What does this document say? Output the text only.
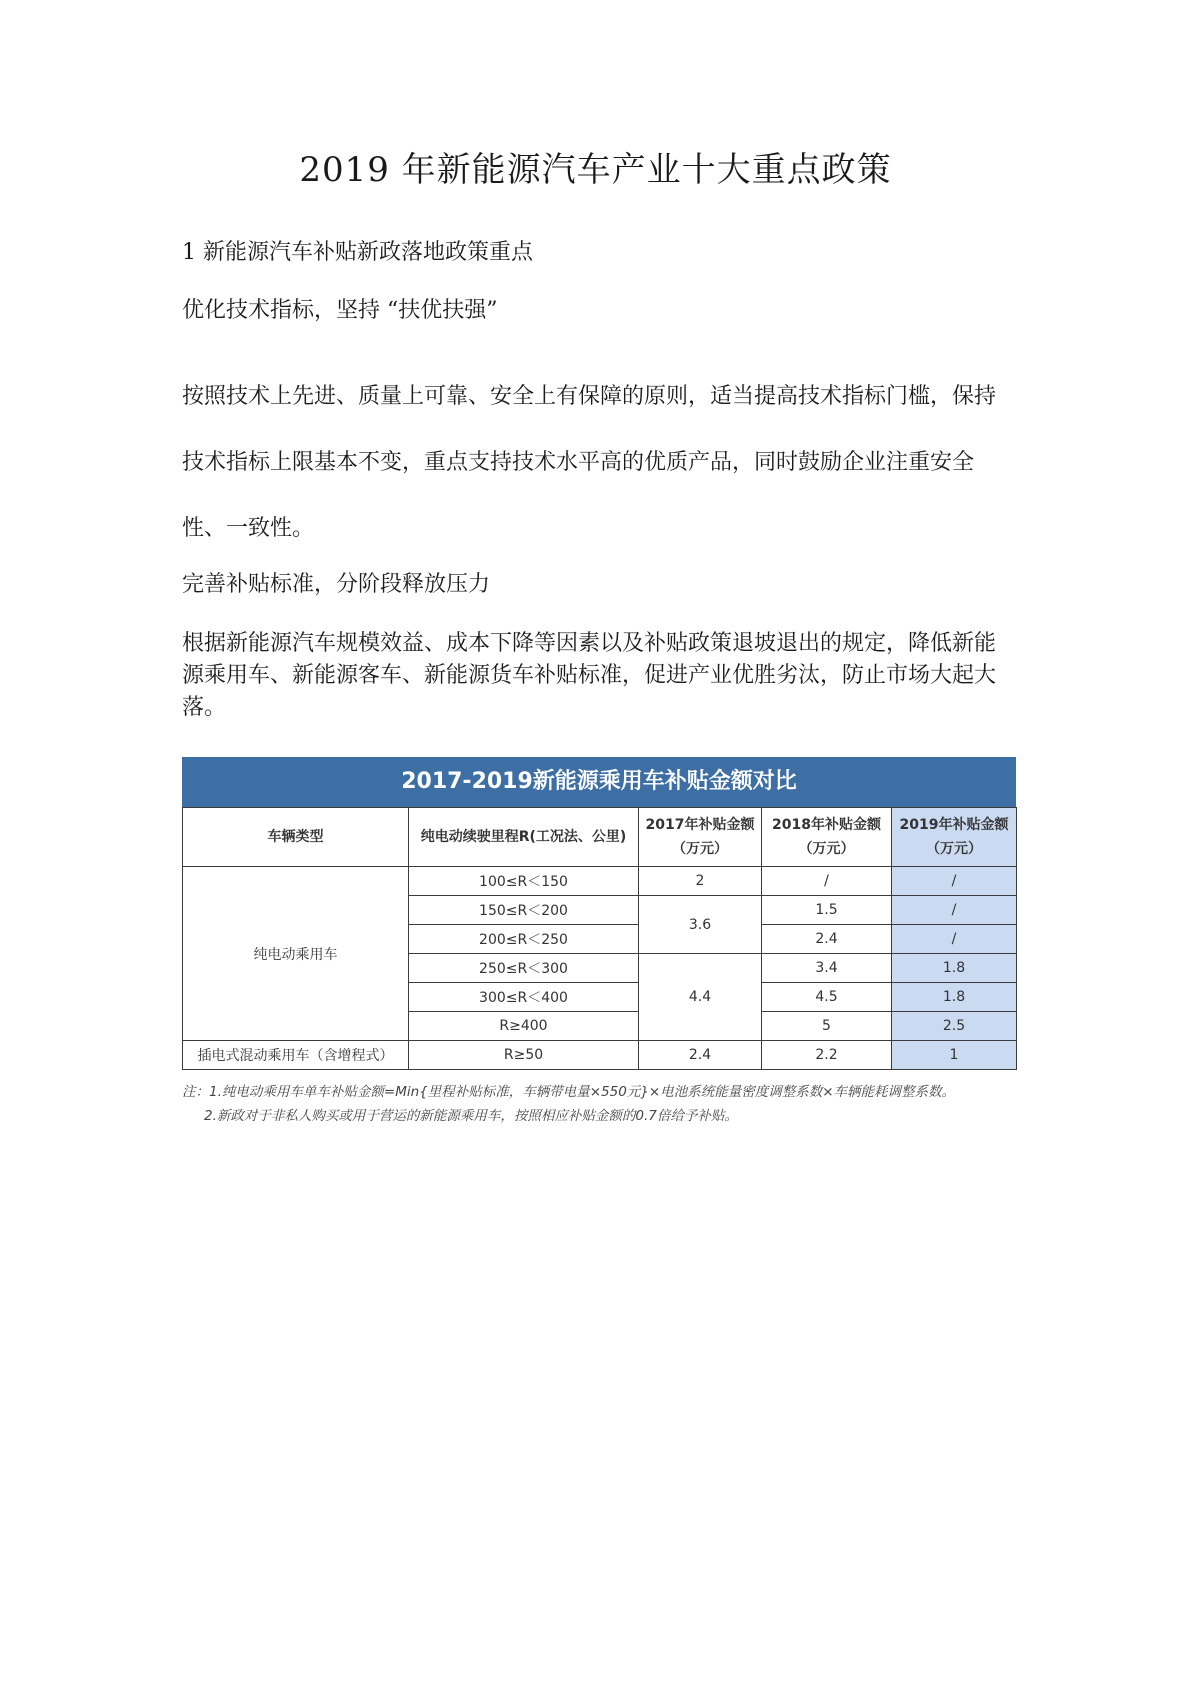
2019 年新能源汽车产业十大重点政策

1 新能源汽车补贴新政落地政策重点

优化技术指标，坚持 “扶优扶强”

按照技术上先进、质量上可靠、安全上有保障的原则，适当提高技术指标门槛，保持技术指标上限基本不变，重点支持技术水平高的优质产品，同时鼓励企业注重安全性、一致性。

完善补贴标准，分阶段释放压力

根据新能源汽车规模效益、成本下降等因素以及补贴政策退坡退出的规定，降低新能源乘用车、新能源客车、新能源货车补贴标准，促进产业优胜劣汰，防止市场大起大落。

2017-2019新能源乘用车补贴金额对比
车辆类型	纯电动续驶里程R(工况法、公里)	2017年补贴金额（万元）	2018年补贴金额（万元）	2019年补贴金额（万元）
纯电动乘用车	100≤R＜150	2	/	/
	150≤R＜200	3.6	1.5	/
	200≤R＜250		2.4	/
	250≤R＜300	4.4	3.4	1.8
	300≤R＜400		4.5	1.8
	R≥400		5	2.5
插电式混动乘用车（含增程式）	R≥50	2.4	2.2	1
注：1.纯电动乘用车单车补贴金额=Min{里程补贴标准，车辆带电量×550元}×电池系统能量密度调整系数×车辆能耗调整系数。
2.新政对于非私人购买或用于营运的新能源乘用车，按照相应补贴金额的0.7倍给予补贴。
